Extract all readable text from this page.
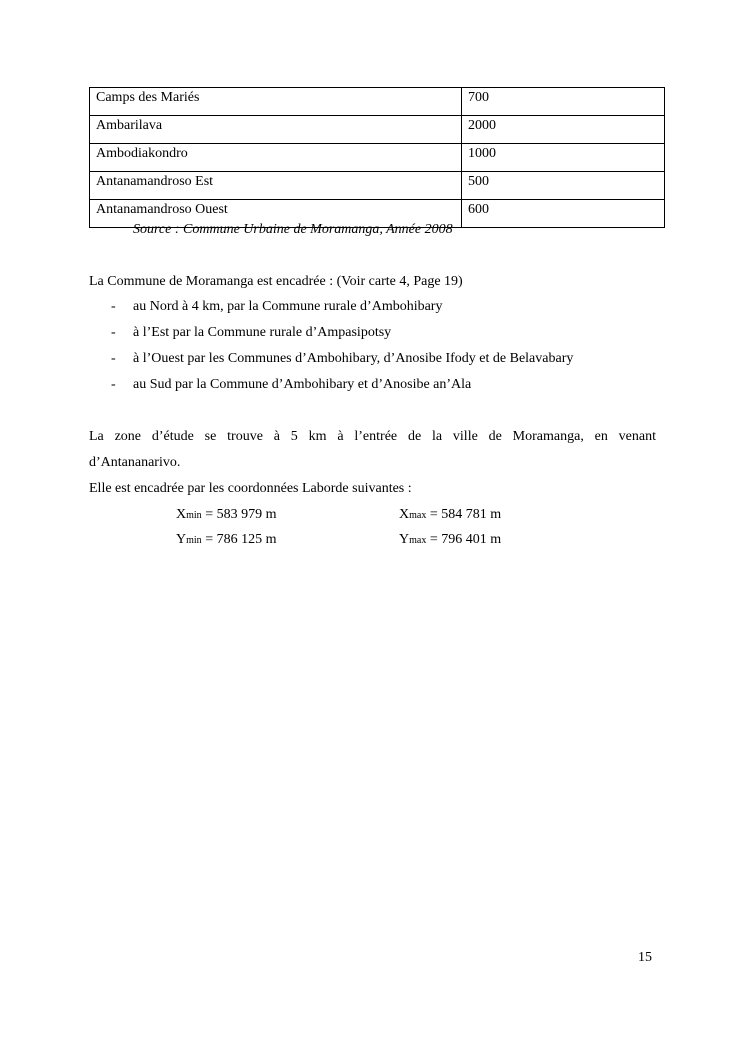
Camps des Mariés	700
Ambarilava	2000
Ambodiakondro	1000
Antanamandroso Est	500
Antanamandroso Ouest	600
Source : Commune Urbaine de Moramanga, Année 2008
La Commune de Moramanga est encadrée : (Voir carte 4, Page 19)
- au Nord à 4 km, par la Commune rurale d’Ambohibary
- à l’Est par la Commune rurale d’Ampasipotsy
- à l’Ouest par les Communes d’Ambohibary, d’Anosibe Ifody et de Belavabary
- au Sud par la Commune d’Ambohibary et d’Anosibe an’Ala
La zone d’étude se trouve à 5 km à l’entrée de la ville de Moramanga, en venant
d’Antananarivo.
Elle est encadrée par les coordonnées Laborde suivantes :
Xmin = 583 979 m	Xmax = 584 781 m
Ymin = 786 125 m	Ymax = 796 401 m
15
